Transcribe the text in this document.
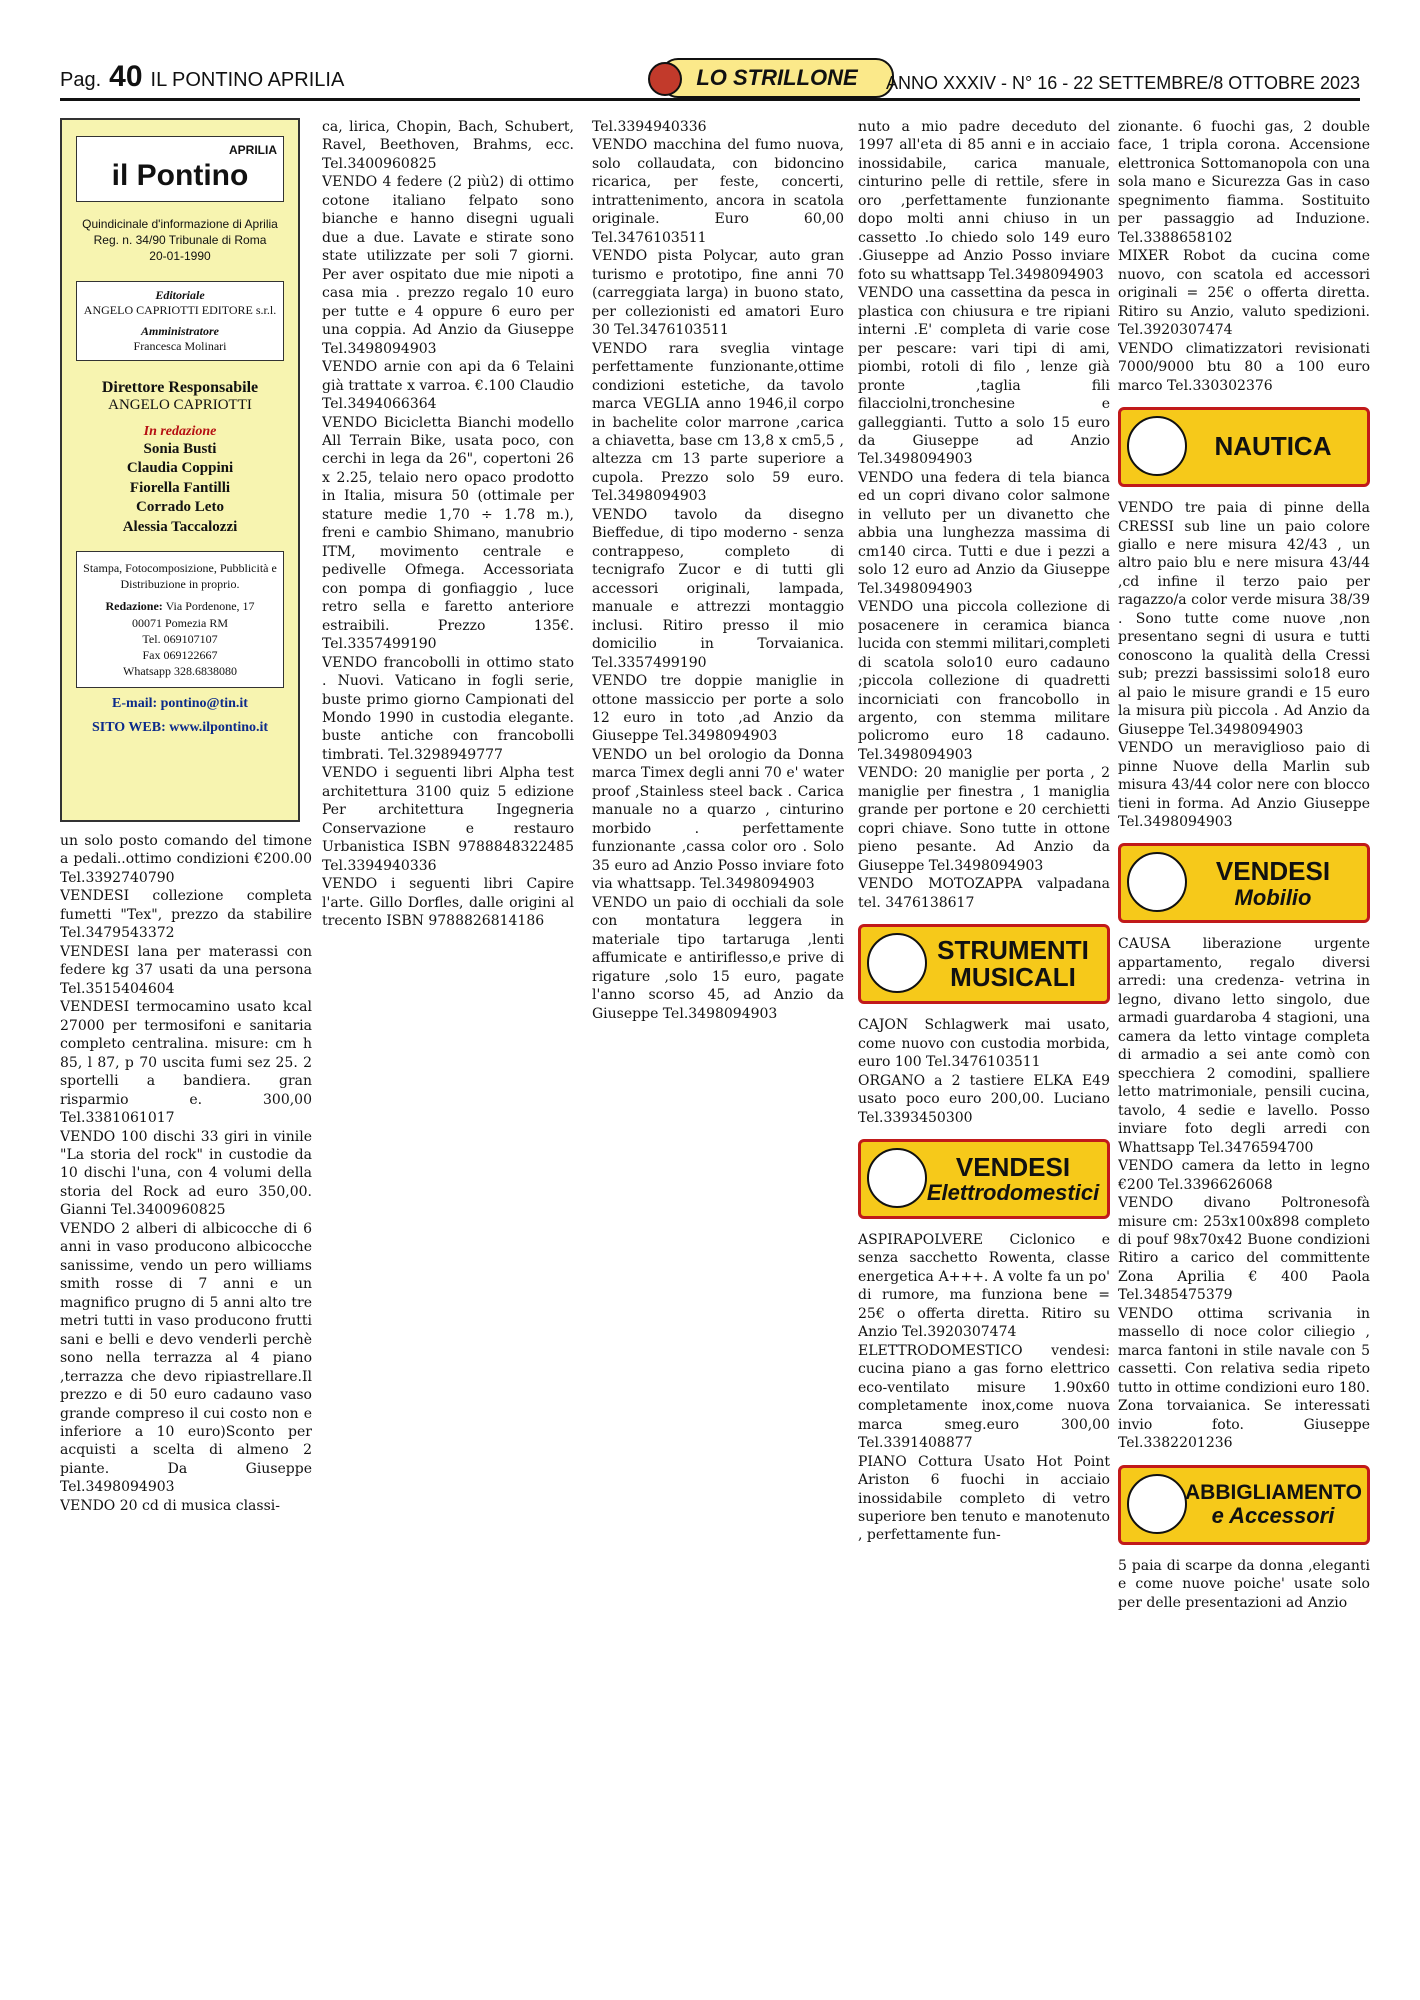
Pag. 40 IL PONTINO APRILIA	LO STRILLONE	ANNO XXXIV - N° 16 - 22 SETTEMBRE/8 OTTOBRE 2023
APRILIA
il Pontino
Quindicinale d'informazione di Aprilia
Reg. n. 34/90 Tribunale di Roma
20-01-1990
Editoriale
ANGELO CAPRIOTTI EDITORE s.r.l.
Amministratore
Francesca Molinari
Direttore Responsabile
ANGELO CAPRIOTTI
In redazione
Sonia Busti
Claudia Coppini
Fiorella Fantilli
Corrado Leto
Alessia Taccalozzi
Stampa, Fotocomposizione, Pubblicità e Distribuzione in proprio.
Redazione: Via Pordenone, 17
00071 Pomezia RM
Tel. 069107107
Fax 069122667
Whatsapp 328.6838080
E-mail: pontino@tin.it
SITO WEB: www.ilpontino.it

un solo posto comando del timone a pedali..ottimo condizioni €200.00 Tel.3392740790

VENDESI collezione completa fumetti "Tex", prezzo da stabilire Tel.3479543372

VENDESI lana per materassi con federe kg 37 usati da una persona Tel.3515404604

VENDESI termocamino usato kcal 27000 per termosifoni e sanitaria completo centralina. misure: cm h 85, l 87, p 70 uscita fumi sez 25. 2 sportelli a bandiera. gran risparmio e. 300,00 Tel.3381061017

VENDO 100 dischi 33 giri in vinile "La storia del rock" in custodie da 10 dischi l'una, con 4 volumi della storia del Rock ad euro 350,00. Gianni Tel.3400960825

VENDO 2 alberi di albicocche di 6 anni in vaso producono albicocche sanissime, vendo un pero williams smith rosse di 7 anni e un magnifico prugno di 5 anni alto tre metri tutti in vaso producono frutti sani e belli e devo venderli perchè sono nella terrazza al 4 piano ,terrazza che devo ripiastrellare.Il prezzo e di 50 euro cadauno vaso grande compreso il cui costo non e inferiore a 10 euro)Sconto per acquisti a scelta di almeno 2 piante. Da Giuseppe Tel.3498094903

VENDO 20 cd di musica classi-

ca, lirica, Chopin, Bach, Schubert, Ravel, Beethoven, Brahms, ecc. Tel.3400960825

VENDO 4 federe (2 più2) di ottimo cotone italiano felpato sono bianche e hanno disegni uguali due a due. Lavate e stirate sono state utilizzate per soli 7 giorni. Per aver ospitato due mie nipoti a casa mia . prezzo regalo 10 euro per tutte e 4 oppure 6 euro per una coppia. Ad Anzio da Giuseppe Tel.3498094903

VENDO arnie con api da 6 Telaini già trattate x varroa. €.100 Claudio Tel.3494066364

VENDO Bicicletta Bianchi modello All Terrain Bike, usata poco, con cerchi in lega da 26", copertoni 26 x 2.25, telaio nero opaco prodotto in Italia, misura 50 (ottimale per stature medie 1,70 ÷ 1.78 m.), freni e cambio Shimano, manubrio ITM, movimento centrale e pedivelle Ofmega. Accessoriata con pompa di gonfiaggio , luce retro sella e faretto anteriore estraibili. Prezzo 135€. Tel.3357499190

VENDO francobolli in ottimo stato . Nuovi. Vaticano in fogli serie, buste primo giorno Campionati del Mondo 1990 in custodia elegante. buste antiche con francobolli timbrati. Tel.3298949777

VENDO i seguenti libri Alpha test architettura 3100 quiz 5 edizione Per architettura Ingegneria Conservazione e restauro Urbanistica ISBN 9788848322485 Tel.3394940336

VENDO i seguenti libri Capire l'arte. Gillo Dorfles, dalle origini al trecento ISBN 9788826814186

Tel.3394940336

VENDO macchina del fumo nuova, solo collaudata, con bidoncino ricarica, per feste, concerti, intrattenimento, ancora in scatola originale. Euro 60,00 Tel.3476103511

VENDO pista Polycar, auto gran turismo e prototipo, fine anni 70 (carreggiata larga) in buono stato, per collezionisti ed amatori Euro 30 Tel.3476103511

VENDO rara sveglia vintage perfettamente funzionante,ottime condizioni estetiche, da tavolo marca VEGLIA anno 1946,il corpo in bachelite color marrone ,carica a chiavetta, base cm 13,8 x cm5,5 , altezza cm 13 parte superiore a cupola. Prezzo solo 59 euro. Tel.3498094903

VENDO tavolo da disegno Bieffedue, di tipo moderno - senza contrappeso, completo di tecnigrafo Zucor e di tutti gli accessori originali, lampada, manuale e attrezzi montaggio inclusi. Ritiro presso il mio domicilio in Torvaianica. Tel.3357499190

VENDO tre doppie maniglie in ottone massiccio per porte a solo 12 euro in toto ,ad Anzio da Giuseppe Tel.3498094903

VENDO un bel orologio da Donna marca Timex degli anni 70 e' water proof ,Stainless steel back . Carica manuale no a quarzo , cinturino morbido . perfettamente funzionante ,cassa color oro . Solo 35 euro ad Anzio Posso inviare foto via whattsapp. Tel.3498094903

VENDO un paio di occhiali da sole con montatura leggera in materiale tipo tartaruga ,lenti affumicate e antiriflesso,e prive di rigature ,solo 15 euro, pagate l'anno scorso 45, ad Anzio da Giuseppe Tel.3498094903

nuto a mio padre deceduto del 1997 all'eta di 85 anni e in acciaio inossidabile, carica manuale, cinturino pelle di rettile, sfere in oro ,perfettamente funzionante dopo molti anni chiuso in un cassetto .Io chiedo solo 149 euro .Giuseppe ad Anzio Posso inviare foto su whattsapp Tel.3498094903

VENDO una cassettina da pesca in plastica con chiusura e tre ripiani interni .E' completa di varie cose per pescare: vari tipi di ami, piombi, rotoli di filo , lenze già pronte ,taglia fili filacciolni,tronchesine e galleggianti. Tutto a solo 15 euro da Giuseppe ad Anzio Tel.3498094903

VENDO una federa di tela bianca ed un copri divano color salmone in velluto per un divanetto che abbia una lunghezza massima di cm140 circa. Tutti e due i pezzi a solo 12 euro ad Anzio da Giuseppe Tel.3498094903

VENDO una piccola collezione di posacenere in ceramica bianca lucida con stemmi militari,completi di scatola solo10 euro cadauno ;piccola collezione di quadretti incorniciati con francobollo in argento, con stemma militare policromo euro 18 cadauno. Tel.3498094903

VENDO: 20 maniglie per porta , 2 maniglie per finestra , 1 maniglia grande per portone e 20 cerchietti copri chiave. Sono tutte in ottone pieno pesante. Ad Anzio da Giuseppe Tel.3498094903

VENDO MOTOZAPPA valpadana tel. 3476138617

STRUMENTI
MUSICALI

CAJON Schlagwerk mai usato, come nuovo con custodia morbida, euro 100 Tel.3476103511

ORGANO a 2 tastiere ELKA E49 usato poco euro 200,00. Luciano Tel.3393450300

VENDESI
Elettrodomestici

ASPIRAPOLVERE Ciclonico e senza sacchetto Rowenta, classe energetica A+++. A volte fa un po' di rumore, ma funziona bene = 25€ o offerta diretta. Ritiro su Anzio Tel.3920307474

ELETTRODOMESTICO vendesi: cucina piano a gas forno elettrico eco-ventilato misure 1.90x60 completamente inox,come nuova marca smeg.euro 300,00 Tel.3391408877

PIANO Cottura Usato Hot Point Ariston 6 fuochi in acciaio inossidabile completo di vetro superiore ben tenuto e manotenuto , perfettamente fun-

zionante. 6 fuochi gas, 2 double face, 1 tripla corona. Accensione elettronica Sottomanopola con una sola mano e Sicurezza Gas in caso spegnimento fiamma. Sostituito per passaggio ad Induzione. Tel.3388658102

MIXER Robot da cucina come nuovo, con scatola ed accessori originali = 25€ o offerta diretta. Ritiro su Anzio, valuto spedizioni. Tel.3920307474

VENDO climatizzatori revisionati 7000/9000 btu 80 a 100 euro marco Tel.330302376

NAUTICA

VENDO tre paia di pinne della CRESSI sub line un paio colore giallo e nere misura 42/43 , un altro paio blu e nere misura 43/44 ,cd infine il terzo paio per ragazzo/a color verde misura 38/39 . Sono tutte come nuove ,non presentano segni di usura e tutti conoscono la qualità della Cressi sub; prezzi bassissimi solo18 euro al paio le misure grandi e 15 euro la misura più piccola . Ad Anzio da Giuseppe Tel.3498094903

VENDO un meraviglioso paio di pinne Nuove della Marlin sub misura 43/44 color nere con blocco tieni in forma. Ad Anzio Giuseppe Tel.3498094903

VENDESI
Mobilio

CAUSA liberazione urgente appartamento, regalo diversi arredi: una credenza- vetrina in legno, divano letto singolo, due armadi guardaroba 4 stagioni, una camera da letto vintage completa di armadio a sei ante comò con specchiera 2 comodini, spalliere letto matrimoniale, pensili cucina, tavolo, 4 sedie e lavello. Posso inviare foto degli arredi con Whattsapp Tel.3476594700

VENDO camera da letto in legno €200 Tel.3396626068

VENDO divano Poltronesofà misure cm: 253x100x898 completo di pouf 98x70x42 Buone condizioni Ritiro a carico del committente Zona Aprilia € 400 Paola Tel.3485475379

VENDO ottima scrivania in massello di noce color ciliegio , marca fantoni in stile navale con 5 cassetti. Con relativa sedia ripeto tutto in ottime condizioni euro 180. Zona torvaianica. Se interessati invio foto. Giuseppe Tel.3382201236

ABBIGLIAMENTO
e Accessori

5 paia di scarpe da donna ,eleganti e come nuove poiche' usate solo per delle presentazioni ad Anzio
